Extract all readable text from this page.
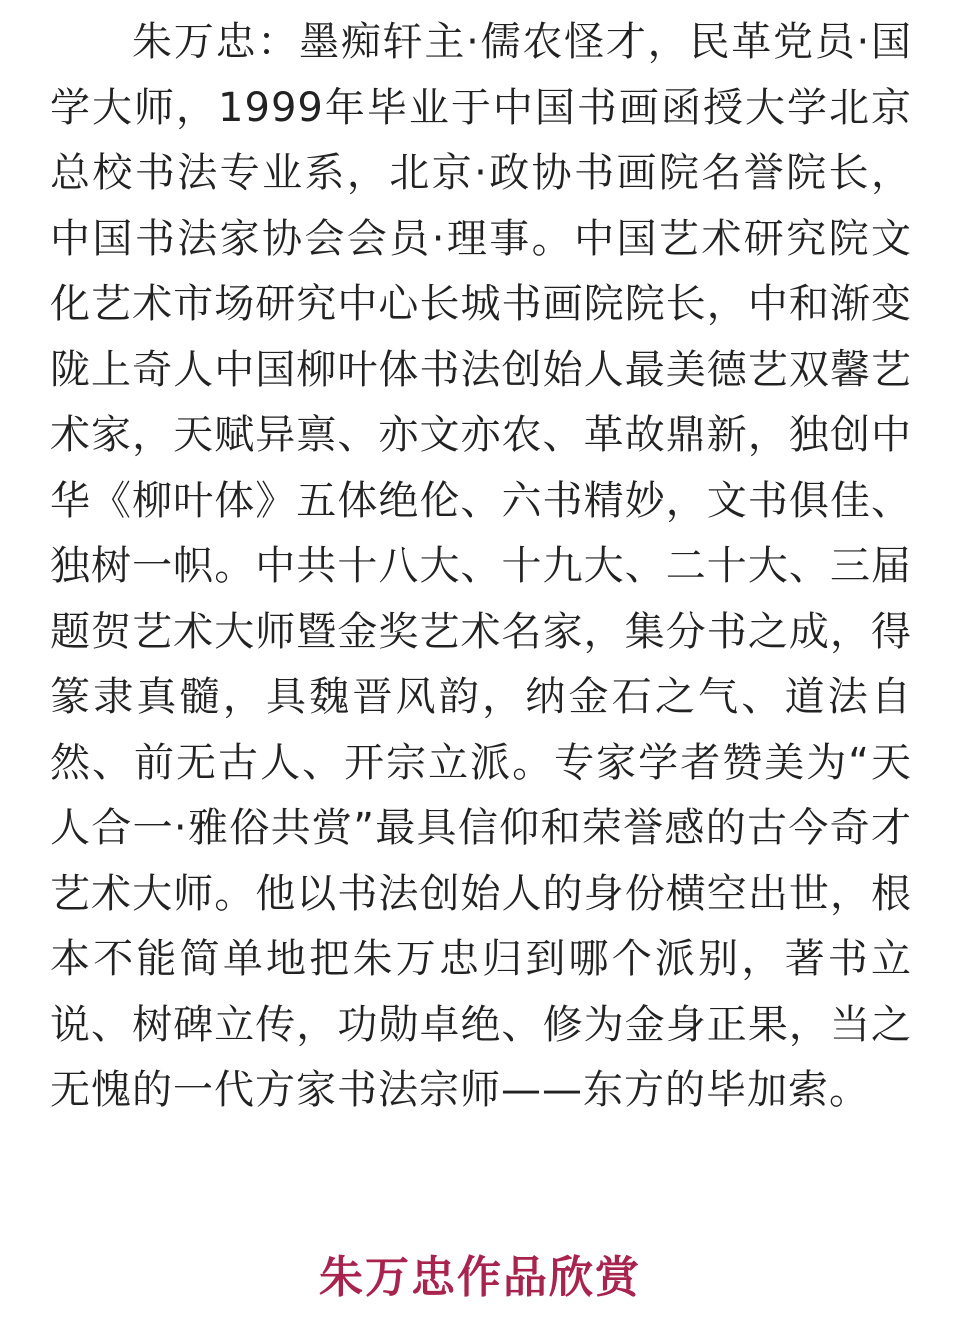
朱万忠：墨痴轩主·儒农怪才，民革党员·国学大师，1999年毕业于中国书画函授大学北京总校书法专业系，北京·政协书画院名誉院长，中国书法家协会会员·理事。中国艺术研究院文化艺术市场研究中心长城书画院院长，中和渐变陇上奇人中国柳叶体书法创始人最美德艺双馨艺术家，天赋异禀、亦文亦农、革故鼎新，独创中华《柳叶体》五体绝伦、六书精妙，文书俱佳、独树一帜。中共十八大、十九大、二十大、三届题贺艺术大师暨金奖艺术名家，集分书之成，得篆隶真髓，具魏晋风韵，纳金石之气、道法自然、前无古人、开宗立派。专家学者赞美为“天人合一·雅俗共赏”最具信仰和荣誉感的古今奇才艺术大师。他以书法创始人的身份横空出世，根本不能简单地把朱万忠归到哪个派别，著书立说、树碑立传，功勋卓绝、修为金身正果，当之无愧的一代方家书法宗师——东方的毕加索。

朱万忠作品欣赏
